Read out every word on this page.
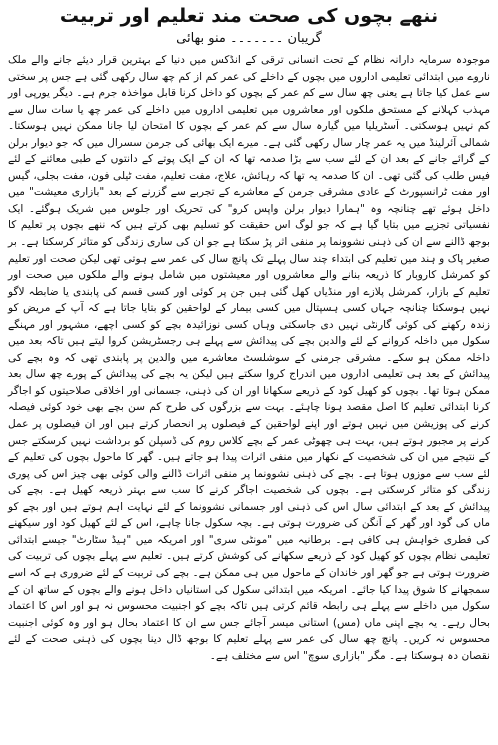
ننھے بچوں کی صحت مند تعلیم اور تربیت
گریبان ۔۔۔۔۔۔۔ منو بھائی

موجودہ سرمایہ دارانہ نظام کے تحت انسانی ترقی کے انڈکس میں دنیا کے بہترین قرار دیئے جانے والے ملک ناروے میں ابتدائی تعلیمی اداروں میں بچوں کے داخلے کی عمر کم از کم چھ سال رکھی گئی ہے جس پر سختی سے عمل کیا جاتا ہے یعنی چھ سال سے کم عمر کے بچوں کو داخل کرنا قابل مواخذہ جرم ہے۔ دیگر یورپی اور مہذب کہلانے کے مستحق ملکوں اور معاشروں میں تعلیمی اداروں میں داخلے کی عمر چھ یا سات سال سے کم نہیں ہوسکتی۔ آسٹریلیا میں گیارہ سال سے کم عمر کے بچوں کا امتحان لیا جانا ممکن نہیں ہوسکتا۔ شمالی آئرلینڈ میں یہ عمر چار سال رکھی گئی ہے۔ میرے ایک بھائی کی جرمن سسرال میں کہ جو دیوار برلن کے گرائے جانے کے بعد ان کے لئے سب سے بڑا صدمہ تھا کہ ان کے ایک پوتے کے دانتوں کے طبی معائنے کے لئے فیس طلب کی گئی تھی۔ ان کا صدمہ یہ تھا کہ رہائش، علاج، مفت تعلیم، مفت ٹیلی فون، مفت بجلی، گیس اور مفت ٹرانسپورٹ کے عادی مشرقی جرمن کے معاشرے کے تجربے سے گزرنے کے بعد "بازاری معیشت" میں داخل ہوئے تھے چنانچہ وہ "ہمارا دیوار برلن واپس کرو" کی تحریک اور جلوس میں شریک ہوگئے۔ ایک نفسیاتی تجزیے میں بتایا گیا ہے کہ جو لوگ اس حقیقت کو تسلیم بھی کرتے ہیں کہ ننھے بچوں پر تعلیم کا بوجھ ڈالنے سے ان کی ذہنی نشوونما پر منفی اثر پڑ سکتا ہے جو ان کی ساری زندگی کو متاثر کرسکتا ہے۔ بر صغیر پاک و ہند میں تعلیم کی ابتداء چند سال پہلے تک پانچ سال کی عمر سے ہوتی تھی لیکن صحت اور تعلیم کو کمرشل کاروبار کا ذریعہ بنانے والے معاشروں اور معیشتوں میں شامل ہونے والے ملکوں میں صحت اور تعلیم کے بازار، کمرشل پلازے اور منڈیاں کھل گئی ہیں جن پر کوئی اور کسی قسم کی پابندی یا ضابطہ لاگو نہیں ہوسکتا چنانچہ جہاں کسی ہسپتال میں کسی بیمار کے لواحقین کو بتایا جاتا ہے کہ آپ کے مریض کو زندہ رکھنے کی کوئی گارنٹی نہیں دی جاسکتی وہاں کسی نوزائیدہ بچے کو کسی اچھے، مشہور اور مہنگے سکول میں داخلہ کروانے کے لئے والدین بچے کی پیدائش سے پہلے ہی رجسٹریشن کروا لیتے ہیں تاکہ بعد میں داخلہ ممکن ہو سکے۔ مشرقی جرمنی کے سوشلسٹ معاشرے میں والدین پر پابندی تھی کہ وہ بچے کی پیدائش کے بعد ہی تعلیمی اداروں میں اندراج کروا سکتے ہیں لیکن یہ بچے کی پیدائش کے پورے چھ سال بعد ممکن ہوتا تھا۔ بچوں کو کھیل کود کے ذریعے سکھانا اور ان کی ذہنی، جسمانی اور اخلاقی صلاحیتوں کو اجاگر کرنا ابتدائی تعلیم کا اصل مقصد ہونا چاہئے۔ بہت سے بزرگوں کی طرح کم سن بچے بھی خود کوئی فیصلہ کرنے کی پوزیشن میں نہیں ہوتے اور اپنے لواحقین کے فیصلوں پر انحصار کرتے ہیں اور ان فیصلوں پر عمل کرنے پر مجبور ہوتے ہیں، بہت ہی چھوٹی عمر کے بچے کلاس روم کی ڈسپلن کو برداشت نہیں کرسکتے جس کے نتیجے میں ان کی شخصیت کے نکھار میں منفی اثرات پیدا ہو جاتے ہیں۔ گھر کا ماحول بچوں کی تعلیم کے لئے سب سے موزوں ہوتا ہے۔ بچے کی ذہنی نشوونما پر منفی اثرات ڈالنے والی کوئی بھی چیز اس کی پوری زندگی کو متاثر کرسکتی ہے۔ بچوں کی شخصیت اجاگر کرنے کا سب سے بہتر ذریعہ کھیل ہے۔ بچے کی پیدائش کے بعد کے ابتدائی سال اس کی ذہنی اور جسمانی نشوونما کے لئے نہایت اہم ہوتے ہیں اور بچے کو ماں کی گود اور گھر کے آنگن کی ضرورت ہوتی ہے۔ بچہ سکول جانا چاہے، اس کے لئے کھیل کود اور سیکھنے کی فطری خواہش ہی کافی ہے۔ برطانیہ میں "مونٹی سری" اور امریکہ میں "ہیڈ سٹارٹ" جیسے ابتدائی تعلیمی نظام بچوں کو کھیل کود کے ذریعے سکھانے کی کوشش کرتے ہیں۔ تعلیم سے پہلے بچوں کی تربیت کی ضرورت ہوتی ہے جو گھر اور خاندان کے ماحول میں ہی ممکن ہے۔ بچے کی تربیت کے لئے ضروری ہے کہ اسے سمجھانے کا شوق پیدا کیا جائے۔ امریکہ میں ابتدائی سکول کی استانیاں داخل ہونے والے بچوں کے ساتھ ان کے سکول میں داخلے سے پہلے ہی رابطہ قائم کرتی ہیں تاکہ بچے کو اجنبیت محسوس نہ ہو اور اس کا اعتماد بحال رہے۔ یہ بچے اپنی ماں (مس) استانی میسر آجائے جس سے ان کا اعتماد بحال ہو اور وہ کوئی اجنبیت محسوس نہ کریں۔ پانچ چھ سال کی عمر سے پہلے تعلیم کا بوجھ ڈال دینا بچوں کی ذہنی صحت کے لئے نقصان دہ ہوسکتا ہے۔ مگر "بازاری سوچ" اس سے مختلف ہے۔
